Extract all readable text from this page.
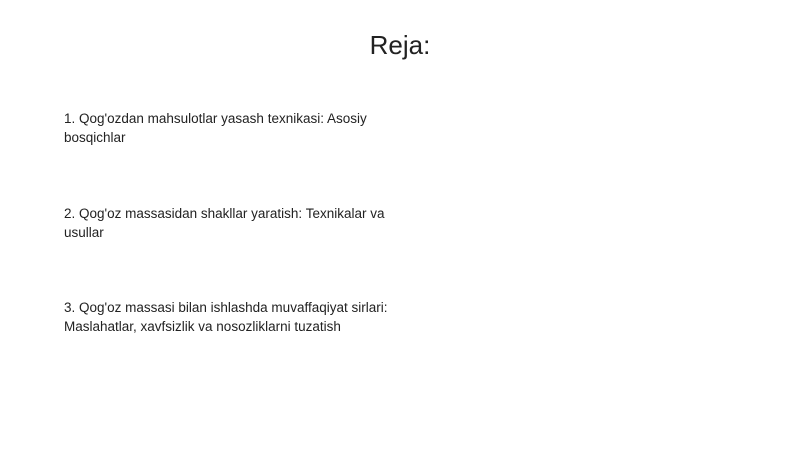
Reja:
1. Qog'ozdan mahsulotlar yasash texnikasi: Asosiy bosqichlar
2. Qog'oz massasidan shakllar yaratish: Texnikalar va usullar
3. Qog'oz massasi bilan ishlashda muvaffaqiyat sirlari: Maslahatlar, xavfsizlik va nosozliklarni tuzatish
